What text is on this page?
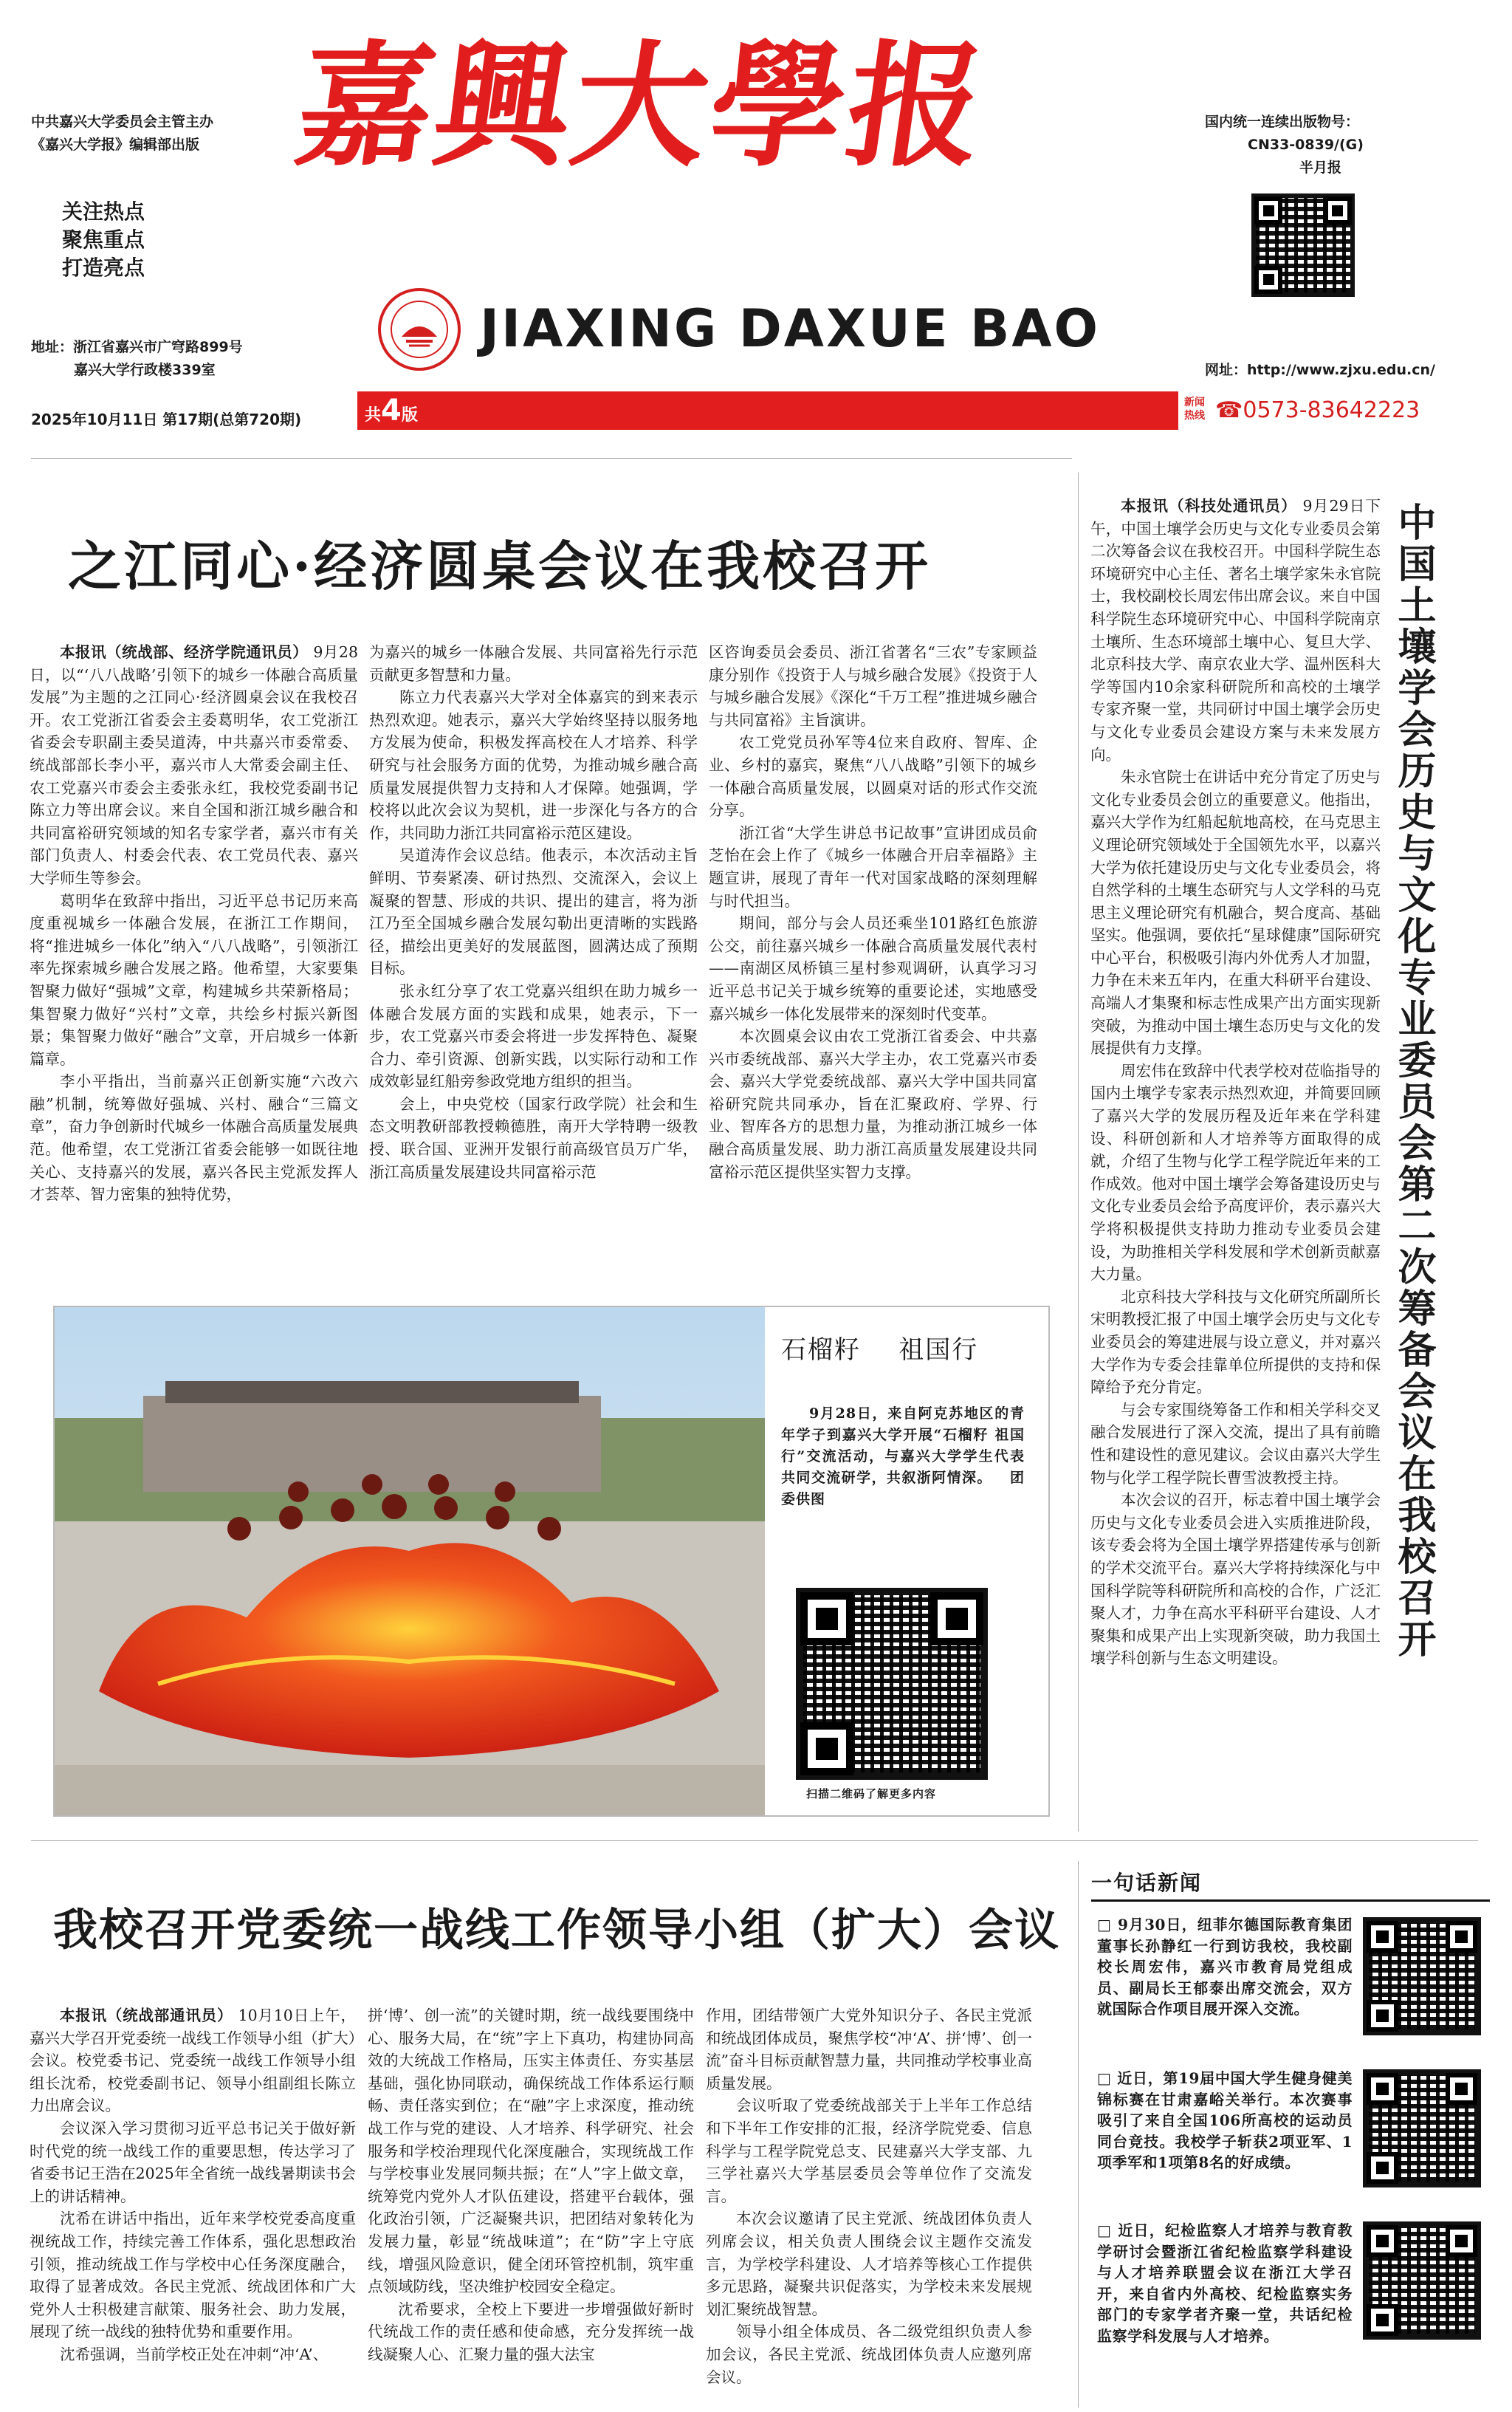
中共嘉兴大学委员会主管主办
《嘉兴大学报》编辑部出版
关注热点
聚焦重点
打造亮点
地址：浙江省嘉兴市广穹路899号
嘉兴大学行政楼339室
嘉興大學报
JIAXING DAXUE BAO
国内统一连续出版物号：
CN33-0839/(G)
半月报
网址：http://www.zjxu.edu.cn/
2025年10月11日 第17期(总第720期)	共4版
新闻
热线 ☎0573-83642223
之江同心·经济圆桌会议在我校召开

本报讯（统战部、经济学院通讯员） 9月28日，以“‘八八战略’引领下的城乡一体融合高质量发展”为主题的之江同心·经济圆桌会议在我校召开。农工党浙江省委会主委葛明华，农工党浙江省委会专职副主委吴道涛，中共嘉兴市委常委、统战部部长李小平，嘉兴市人大常委会副主任、农工党嘉兴市委会主委张永红，我校党委副书记陈立力等出席会议。来自全国和浙江城乡融合和共同富裕研究领域的知名专家学者，嘉兴市有关部门负责人、村委会代表、农工党员代表、嘉兴大学师生等参会。

葛明华在致辞中指出，习近平总书记历来高度重视城乡一体融合发展，在浙江工作期间，将“推进城乡一体化”纳入“八八战略”，引领浙江率先探索城乡融合发展之路。他希望，大家要集智聚力做好“强城”文章，构建城乡共荣新格局；集智聚力做好“兴村”文章，共绘乡村振兴新图景；集智聚力做好“融合”文章，开启城乡一体新篇章。

李小平指出，当前嘉兴正创新实施“六改六融”机制，统筹做好强城、兴村、融合“三篇文章”，奋力争创新时代城乡一体融合高质量发展典范。他希望，农工党浙江省委会能够一如既往地关心、支持嘉兴的发展，嘉兴各民主党派发挥人才荟萃、智力密集的独特优势，

为嘉兴的城乡一体融合发展、共同富裕先行示范贡献更多智慧和力量。

陈立力代表嘉兴大学对全体嘉宾的到来表示热烈欢迎。她表示，嘉兴大学始终坚持以服务地方发展为使命，积极发挥高校在人才培养、科学研究与社会服务方面的优势，为推动城乡融合高质量发展提供智力支持和人才保障。她强调，学校将以此次会议为契机，进一步深化与各方的合作，共同助力浙江共同富裕示范区建设。

吴道涛作会议总结。他表示，本次活动主旨鲜明、节奏紧凑、研讨热烈、交流深入，会议上凝聚的智慧、形成的共识、提出的建言，将为浙江乃至全国城乡融合发展勾勒出更清晰的实践路径，描绘出更美好的发展蓝图，圆满达成了预期目标。

张永红分享了农工党嘉兴组织在助力城乡一体融合发展方面的实践和成果，她表示，下一步，农工党嘉兴市委会将进一步发挥特色、凝聚合力、牵引资源、创新实践，以实际行动和工作成效彰显红船旁参政党地方组织的担当。

会上，中央党校（国家行政学院）社会和生态文明教研部教授赖德胜，南开大学特聘一级教授、联合国、亚洲开发银行前高级官员万广华，浙江高质量发展建设共同富裕示范

区咨询委员会委员、浙江省著名“三农”专家顾益康分别作《投资于人与城乡融合发展》《投资于人与城乡融合发展》《深化“千万工程”推进城乡融合与共同富裕》主旨演讲。

农工党党员孙军等4位来自政府、智库、企业、乡村的嘉宾，聚焦“八八战略”引领下的城乡一体融合高质量发展，以圆桌对话的形式作交流分享。

浙江省“大学生讲总书记故事”宣讲团成员俞芝怡在会上作了《城乡一体融合开启幸福路》主题宣讲，展现了青年一代对国家战略的深刻理解与时代担当。

期间，部分与会人员还乘坐101路红色旅游公交，前往嘉兴城乡一体融合高质量发展代表村——南湖区凤桥镇三星村参观调研，认真学习习近平总书记关于城乡统筹的重要论述，实地感受嘉兴城乡一体化发展带来的深刻时代变革。

本次圆桌会议由农工党浙江省委会、中共嘉兴市委统战部、嘉兴大学主办，农工党嘉兴市委会、嘉兴大学党委统战部、嘉兴大学中国共同富裕研究院共同承办，旨在汇聚政府、学界、行业、智库各方的思想力量，为推动浙江城乡一体融合高质量发展、助力浙江高质量发展建设共同富裕示范区提供坚实智力支撑。

石榴籽 祖国行
9月28日，来自阿克苏地区的青年学子到嘉兴大学开展“石榴籽 祖国行”交流活动，与嘉兴大学学生代表共同交流研学，共叙浙阿情深。 团委供图
扫描二维码了解更多内容
中国土壤学会历史与文化专业委员会第二次筹备会议在我校召开

本报讯（科技处通讯员） 9月29日下午，中国土壤学会历史与文化专业委员会第二次筹备会议在我校召开。中国科学院生态环境研究中心主任、著名土壤学家朱永官院士，我校副校长周宏伟出席会议。来自中国科学院生态环境研究中心、中国科学院南京土壤所、生态环境部土壤中心、复旦大学、北京科技大学、南京农业大学、温州医科大学等国内10余家科研院所和高校的土壤学专家齐聚一堂，共同研讨中国土壤学会历史与文化专业委员会建设方案与未来发展方向。

朱永官院士在讲话中充分肯定了历史与文化专业委员会创立的重要意义。他指出，嘉兴大学作为红船起航地高校，在马克思主义理论研究领域处于全国领先水平，以嘉兴大学为依托建设历史与文化专业委员会，将自然学科的土壤生态研究与人文学科的马克思主义理论研究有机融合，契合度高、基础坚实。他强调，要依托“星球健康”国际研究中心平台，积极吸引海内外优秀人才加盟，力争在未来五年内，在重大科研平台建设、高端人才集聚和标志性成果产出方面实现新突破，为推动中国土壤生态历史与文化的发展提供有力支撑。

周宏伟在致辞中代表学校对莅临指导的国内土壤学专家表示热烈欢迎，并简要回顾了嘉兴大学的发展历程及近年来在学科建设、科研创新和人才培养等方面取得的成就，介绍了生物与化学工程学院近年来的工作成效。他对中国土壤学会筹备建设历史与文化专业委员会给予高度评价，表示嘉兴大学将积极提供支持助力推动专业委员会建设，为助推相关学科发展和学术创新贡献嘉大力量。

北京科技大学科技与文化研究所副所长宋明教授汇报了中国土壤学会历史与文化专业委员会的筹建进展与设立意义，并对嘉兴大学作为专委会挂靠单位所提供的支持和保障给予充分肯定。

与会专家围绕筹备工作和相关学科交叉融合发展进行了深入交流，提出了具有前瞻性和建设性的意见建议。会议由嘉兴大学生物与化学工程学院长曹雪波教授主持。

本次会议的召开，标志着中国土壤学会历史与文化专业委员会进入实质推进阶段，该专委会将为全国土壤学界搭建传承与创新的学术交流平台。嘉兴大学将持续深化与中国科学院等科研院所和高校的合作，广泛汇聚人才，力争在高水平科研平台建设、人才聚集和成果产出上实现新突破，助力我国土壤学科创新与生态文明建设。

我校召开党委统一战线工作领导小组（扩大）会议

本报讯（统战部通讯员） 10月10日上午，嘉兴大学召开党委统一战线工作领导小组（扩大）会议。校党委书记、党委统一战线工作领导小组组长沈希，校党委副书记、领导小组副组长陈立力出席会议。

会议深入学习贯彻习近平总书记关于做好新时代党的统一战线工作的重要思想，传达学习了省委书记王浩在2025年全省统一战线暑期读书会上的讲话精神。

沈希在讲话中指出，近年来学校党委高度重视统战工作，持续完善工作体系，强化思想政治引领，推动统战工作与学校中心任务深度融合，取得了显著成效。各民主党派、统战团体和广大党外人士积极建言献策、服务社会、助力发展，展现了统一战线的独特优势和重要作用。

沈希强调，当前学校正处在冲刺“冲‘A’、

拼‘博’、创一流”的关键时期，统一战线要围绕中心、服务大局，在“统”字上下真功，构建协同高效的大统战工作格局，压实主体责任、夯实基层基础，强化协同联动，确保统战工作体系运行顺畅、责任落实到位；在“融”字上求深度，推动统战工作与党的建设、人才培养、科学研究、社会服务和学校治理现代化深度融合，实现统战工作与学校事业发展同频共振；在“人”字上做文章，统筹党内党外人才队伍建设，搭建平台载体，强化政治引领，广泛凝聚共识，把团结对象转化为发展力量，彰显“统战味道”；在“防”字上守底线，增强风险意识，健全闭环管控机制，筑牢重点领域防线，坚决维护校园安全稳定。

沈希要求，全校上下要进一步增强做好新时代统战工作的责任感和使命感，充分发挥统一战线凝聚人心、汇聚力量的强大法宝

作用，团结带领广大党外知识分子、各民主党派和统战团体成员，聚焦学校“冲‘A’、拼‘博’、创一流”奋斗目标贡献智慧力量，共同推动学校事业高质量发展。

会议听取了党委统战部关于上半年工作总结和下半年工作安排的汇报，经济学院党委、信息科学与工程学院党总支、民建嘉兴大学支部、九三学社嘉兴大学基层委员会等单位作了交流发言。

本次会议邀请了民主党派、统战团体负责人列席会议，相关负责人围绕会议主题作交流发言，为学校学科建设、人才培养等核心工作提供多元思路，凝聚共识促落实，为学校未来发展规划汇聚统战智慧。

领导小组全体成员、各二级党组织负责人参加会议，各民主党派、统战团体负责人应邀列席会议。

一句话新闻
□ 9月30日，纽菲尔德国际教育集团董事长孙静红一行到访我校，我校副校长周宏伟，嘉兴市教育局党组成员、副局长王郁泰出席交流会，双方就国际合作项目展开深入交流。
□ 近日，第19届中国大学生健身健美锦标赛在甘肃嘉峪关举行。本次赛事吸引了来自全国106所高校的运动员同台竞技。我校学子斩获2项亚军、1项季军和1项第8名的好成绩。
□ 近日，纪检监察人才培养与教育教学研讨会暨浙江省纪检监察学科建设与人才培养联盟会议在浙江大学召开，来自省内外高校、纪检监察实务部门的专家学者齐聚一堂，共话纪检监察学科发展与人才培养。
